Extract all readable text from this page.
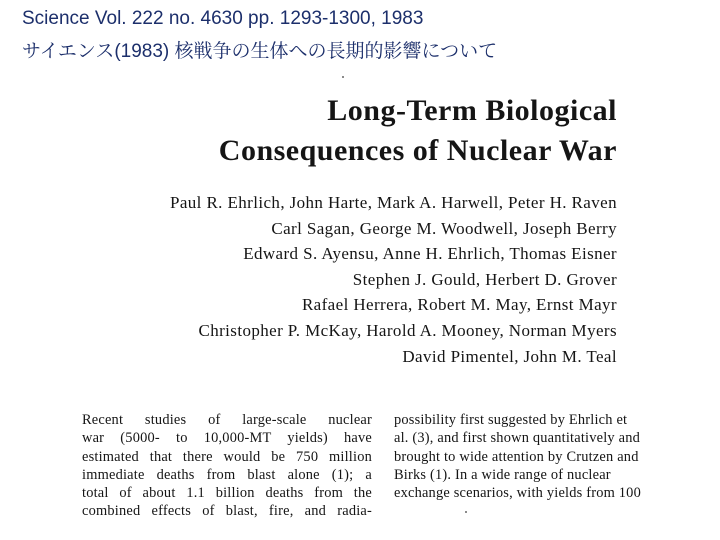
Science Vol. 222 no. 4630 pp. 1293-1300, 1983
サイエンス(1983) 核戦争の生体への長期的影響について
Long-Term Biological
Consequences of Nuclear War
Paul R. Ehrlich, John Harte, Mark A. Harwell, Peter H. Raven
Carl Sagan, George M. Woodwell, Joseph Berry
Edward S. Ayensu, Anne H. Ehrlich, Thomas Eisner
Stephen J. Gould, Herbert D. Grover
Rafael Herrera, Robert M. May, Ernst Mayr
Christopher P. McKay, Harold A. Mooney, Norman Myers
David Pimentel, John M. Teal
Recent studies of large-scale nuclear
war (5000- to 10,000-MT yields) have
estimated that there would be 750 million
immediate deaths from blast alone (1); a
total of about 1.1 billion deaths from the
combined effects of blast, fire, and radia-
possibility first suggested by Ehrlich et
al. (3), and first shown quantitatively and
brought to wide attention by Crutzen and
Birks (1). In a wide range of nuclear
exchange scenarios, with yields from 100
